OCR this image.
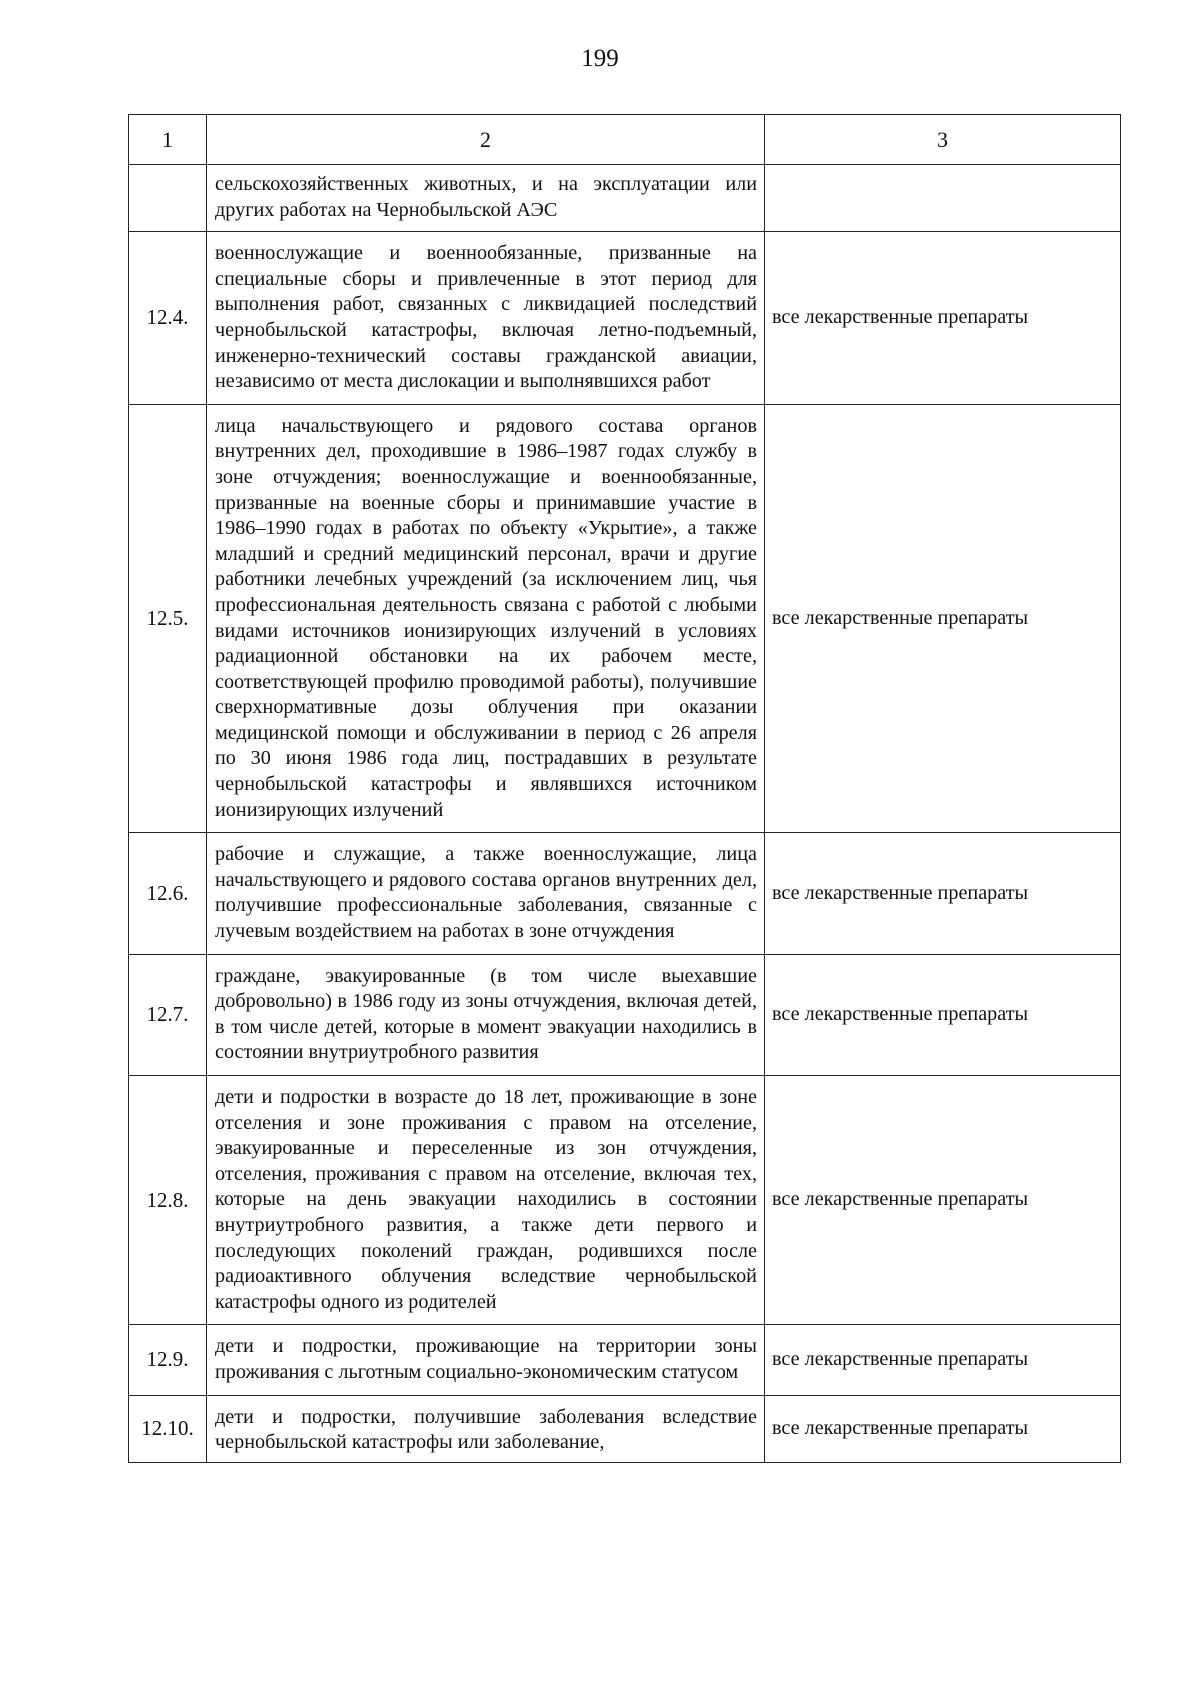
199
1	2	3
	сельскохозяйственных животных, и на эксплуатации или других работах на Чернобыльской АЭС	
12.4.	военнослужащие и военнообязанные, призванные на специальные сборы и привлеченные в этот период для выполнения работ, связанных с ликвидацией последствий чернобыльской катастрофы, включая летно-подъемный, инженерно-технический составы гражданской авиации, независимо от места дислокации и выполнявшихся работ	все лекарственные препараты
12.5.	лица начальствующего и рядового состава органов внутренних дел, проходившие в 1986–1987 годах службу в зоне отчуждения; военнослужащие и военнообязанные, призванные на военные сборы и принимавшие участие в 1986–1990 годах в работах по объекту «Укрытие», а также младший и средний медицинский персонал, врачи и другие работники лечебных учреждений (за исключением лиц, чья профессиональная деятельность связана с работой с любыми видами источников ионизирующих излучений в условиях радиационной обстановки на их рабочем месте, соответствующей профилю проводимой работы), получившие сверхнормативные дозы облучения при оказании медицинской помощи и обслуживании в период с 26 апреля по 30 июня 1986 года лиц, пострадавших в результате чернобыльской катастрофы и являвшихся источником ионизирующих излучений	все лекарственные препараты
12.6.	рабочие и служащие, а также военнослужащие, лица начальствующего и рядового состава органов внутренних дел, получившие профессиональные заболевания, связанные с лучевым воздействием на работах в зоне отчуждения	все лекарственные препараты
12.7.	граждане, эвакуированные (в том числе выехавшие добровольно) в 1986 году из зоны отчуждения, включая детей, в том числе детей, которые в момент эвакуации находились в состоянии внутриутробного развития	все лекарственные препараты
12.8.	дети и подростки в возрасте до 18 лет, проживающие в зоне отселения и зоне проживания с правом на отселение, эвакуированные и переселенные из зон отчуждения, отселения, проживания с правом на отселение, включая тех, которые на день эвакуации находились в состоянии внутриутробного развития, а также дети первого и последующих поколений граждан, родившихся после радиоактивного облучения вследствие чернобыльской катастрофы одного из родителей	все лекарственные препараты
12.9.	дети и подростки, проживающие на территории зоны проживания с льготным социально-экономическим статусом	все лекарственные препараты
12.10.	дети и подростки, получившие заболевания вследствие чернобыльской катастрофы или заболевание,	все лекарственные препараты
